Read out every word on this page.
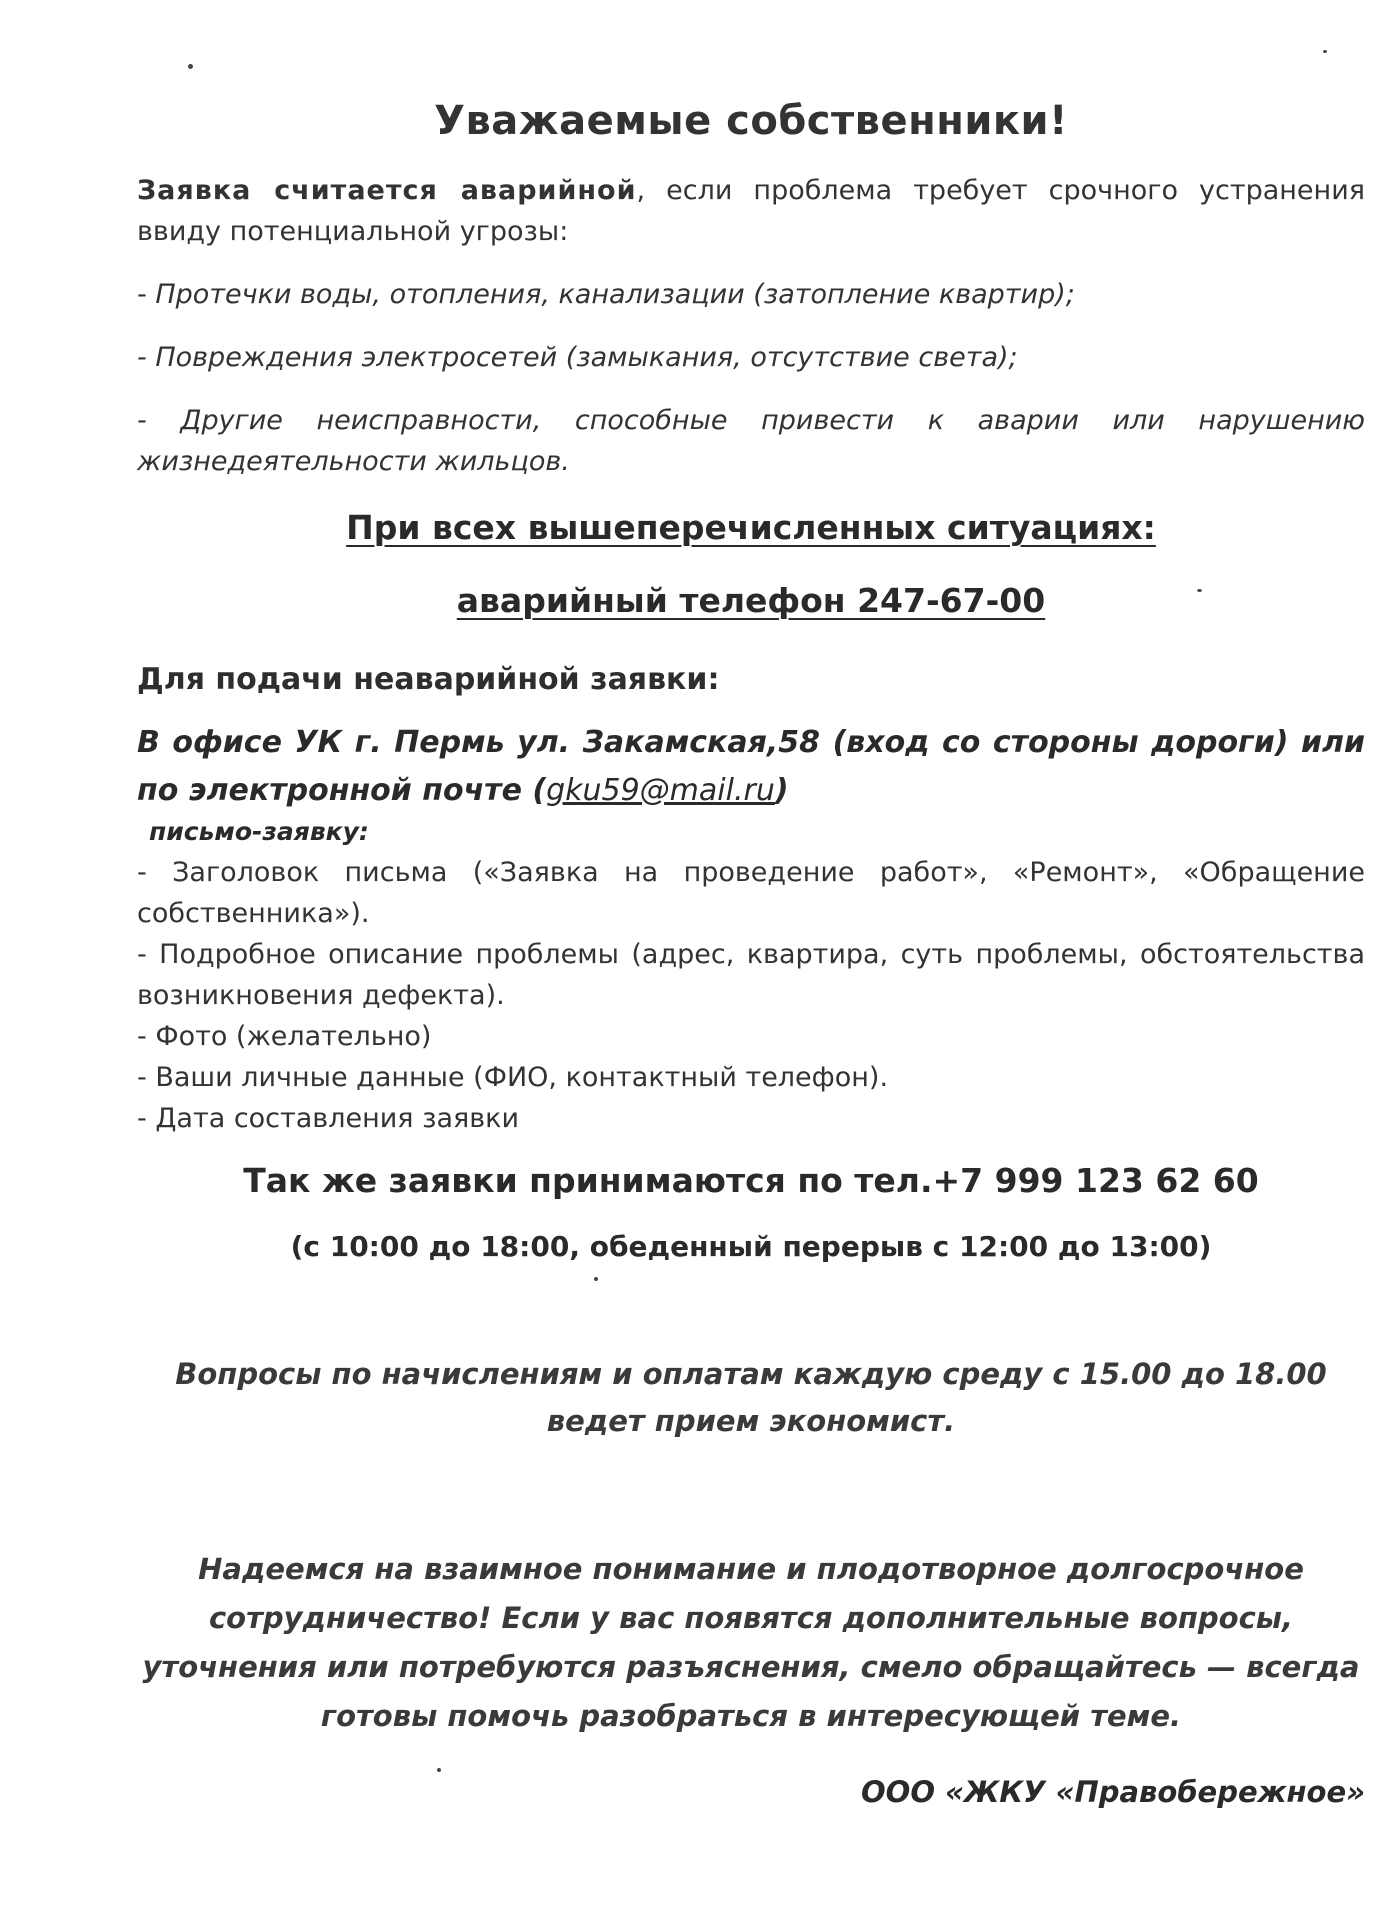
Уважаемые собственники!

Заявка считается аварийной, если проблема требует срочного устранения ввиду потенциальной угрозы:

- Протечки воды, отопления, канализации (затопление квартир);

- Повреждения электросетей (замыкания, отсутствие света);

- Другие неисправности, способные привести к аварии или нарушению жизнедеятельности жильцов.

При всех вышеперечисленных ситуациях:
аварийный телефон 247-67-00
Для подачи неаварийной заявки:

В офисе УК г. Пермь ул. Закамская,58 (вход со стороны дороги) или по электронной почте (gku59@mail.ru)

письмо-заявку:
- Заголовок письма («Заявка на проведение работ», «Ремонт», «Обращение собственника»).
- Подробное описание проблемы (адрес, квартира, суть проблемы, обстоятельства возникновения дефекта).
- Фото (желательно)
- Ваши личные данные (ФИО, контактный телефон).
- Дата составления заявки
Так же заявки принимаются по тел.+7 999 123 62 60
(с 10:00 до 18:00, обеденный перерыв с 12:00 до 13:00)

Вопросы по начислениям и оплатам каждую среду с 15.00 до 18.00 ведет прием экономист.

Надеемся на взаимное понимание и плодотворное долгосрочное сотрудничество! Если у вас появятся дополнительные вопросы, уточнения или потребуются разъяснения, смело обращайтесь — всегда готовы помочь разобраться в интересующей теме.

ООО «ЖКУ «Правобережное»
